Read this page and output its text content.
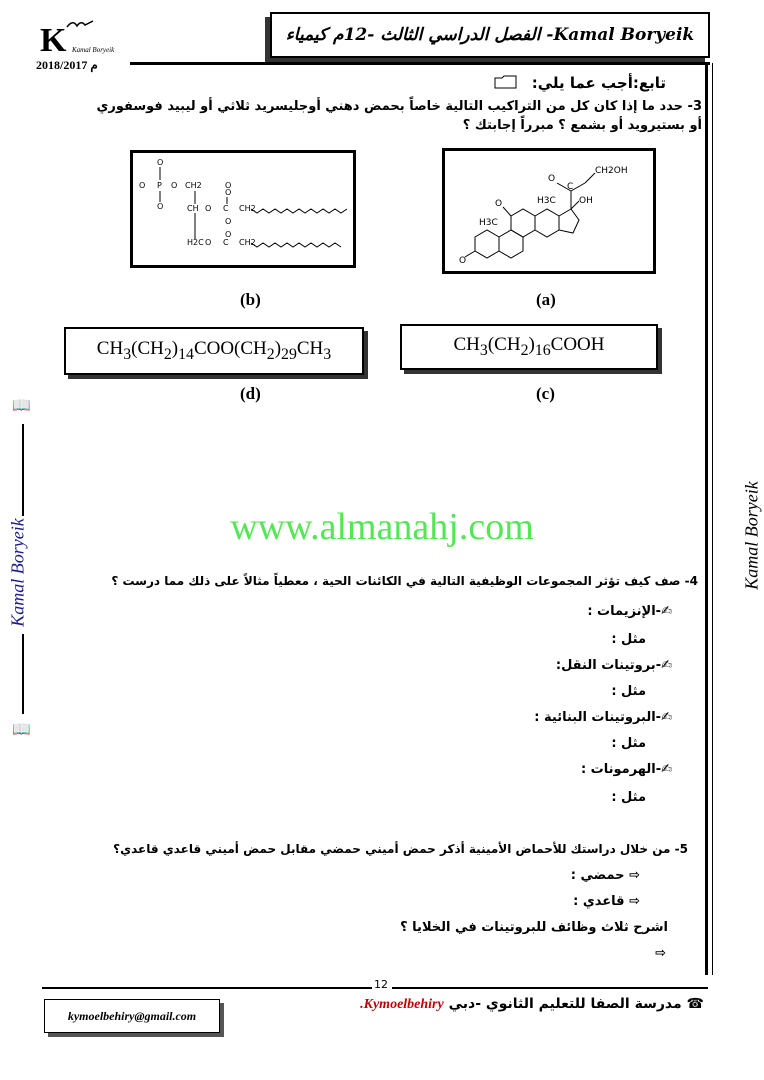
K Kamal Boryeik
2018/2017 م
Kamal Boryeik- الفصل الدراسي الثالث -12م كيمياء
Kamal Boryeik
Kamal Boryeik
📖
📖
تابع:أجب عما يلي:
3- حدد ما إذا كان كل من التراكيب التالية خاصاً بحمض دهني أوجليسريد ثلاثي أو ليبيد فوسفوري
أو بستيرويد أو بشمع ؟ مبرراً إجابتك ؟
O
O
H3C
H3C
O
CH2OH
C
OH
O
O P O CH2
O
O
CH O C CH2
O
O
H2C O C CH2
O
(b)	(a)
$CH_3(CH_2)_{16}COOH$
$CH_3(CH_2)_{14}COO(CH_2)_{29}CH_3$
(d)	(c)
www.almanahj.com
4- صف كيف تؤثر المجموعات الوظيفية التالية في الكائنات الحية ، معطياً مثالاً على ذلك مما درست ؟
✍-الإنزيمات :
مثل :
✍-بروتينات النقل:
مثل :
✍-البروتينات البنائية :
مثل :
✍-الهرمونات :
مثل :
5- من خلال دراستك للأحماض الأمينية أذكر حمض أميني حمضي مقابل حمض أميني قاعدي قاعدي؟
⇨ حمضي :
⇨ قاعدي :
اشرح ثلاث وظائف للبروتينات في الخلايا ؟
⇨
12
☎ مدرسة الصفا للتعليم الثانوي -دبي Kymoelbehiry.
kymoelbehiry@gmail.com
